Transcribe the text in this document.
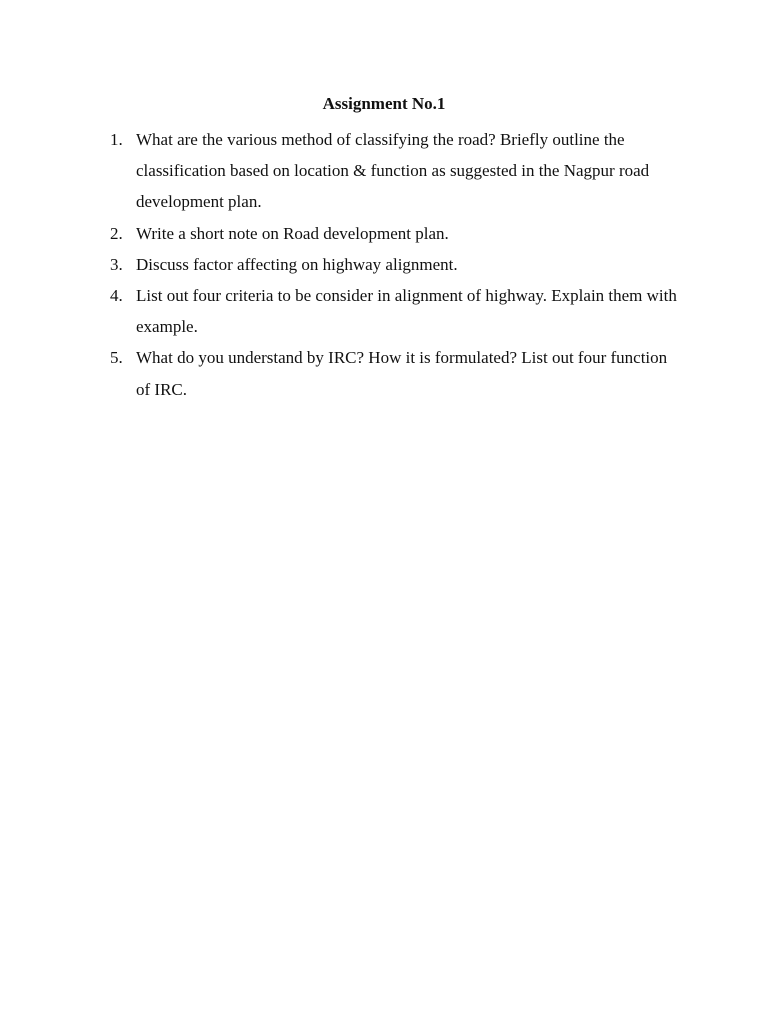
Assignment No.1
1. What are the various method of classifying the road? Briefly outline the classification based on location & function as suggested in the Nagpur road development plan.
2. Write a short note on Road development plan.
3. Discuss factor affecting on highway alignment.
4. List out four criteria to be consider in alignment of highway. Explain them with example.
5. What do you understand by IRC? How it is formulated? List out four function of IRC.
